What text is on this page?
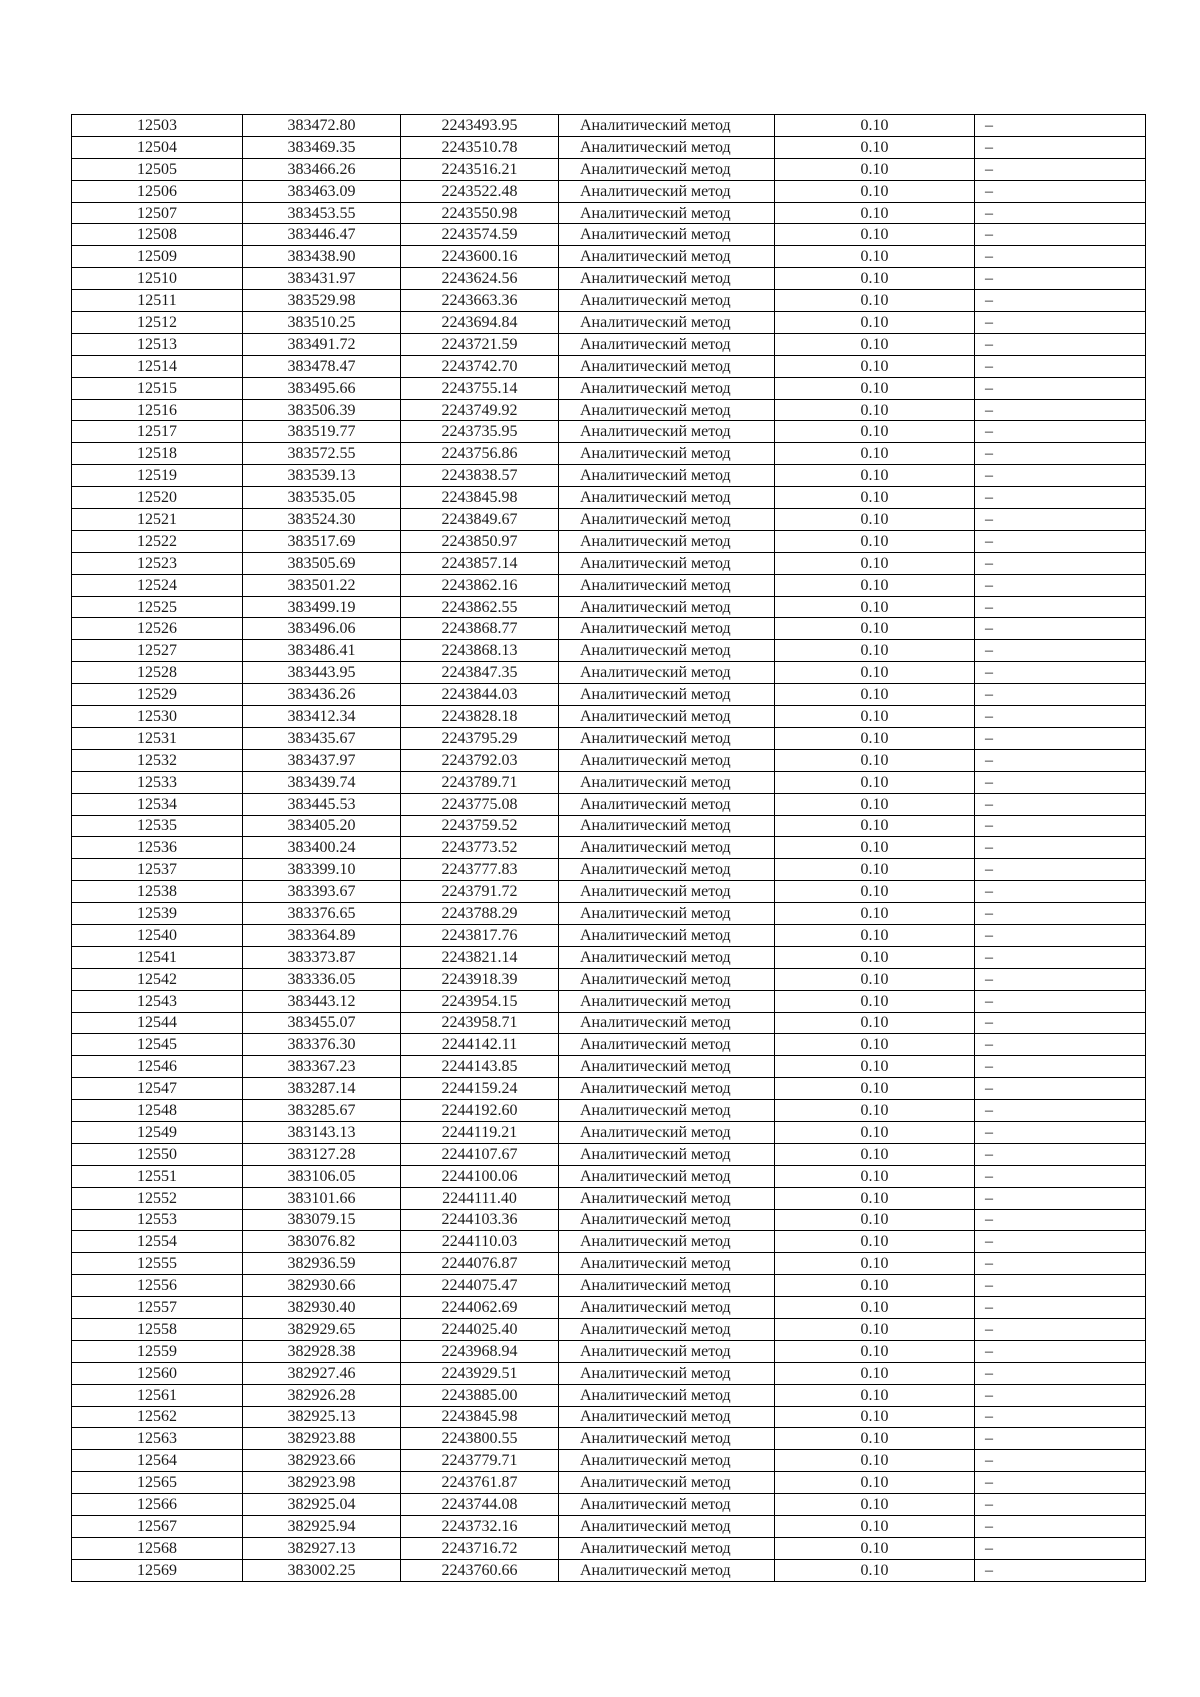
12503	383472.80	2243493.95	Аналитический метод	0.10	–
12504	383469.35	2243510.78	Аналитический метод	0.10	–
12505	383466.26	2243516.21	Аналитический метод	0.10	–
12506	383463.09	2243522.48	Аналитический метод	0.10	–
12507	383453.55	2243550.98	Аналитический метод	0.10	–
12508	383446.47	2243574.59	Аналитический метод	0.10	–
12509	383438.90	2243600.16	Аналитический метод	0.10	–
12510	383431.97	2243624.56	Аналитический метод	0.10	–
12511	383529.98	2243663.36	Аналитический метод	0.10	–
12512	383510.25	2243694.84	Аналитический метод	0.10	–
12513	383491.72	2243721.59	Аналитический метод	0.10	–
12514	383478.47	2243742.70	Аналитический метод	0.10	–
12515	383495.66	2243755.14	Аналитический метод	0.10	–
12516	383506.39	2243749.92	Аналитический метод	0.10	–
12517	383519.77	2243735.95	Аналитический метод	0.10	–
12518	383572.55	2243756.86	Аналитический метод	0.10	–
12519	383539.13	2243838.57	Аналитический метод	0.10	–
12520	383535.05	2243845.98	Аналитический метод	0.10	–
12521	383524.30	2243849.67	Аналитический метод	0.10	–
12522	383517.69	2243850.97	Аналитический метод	0.10	–
12523	383505.69	2243857.14	Аналитический метод	0.10	–
12524	383501.22	2243862.16	Аналитический метод	0.10	–
12525	383499.19	2243862.55	Аналитический метод	0.10	–
12526	383496.06	2243868.77	Аналитический метод	0.10	–
12527	383486.41	2243868.13	Аналитический метод	0.10	–
12528	383443.95	2243847.35	Аналитический метод	0.10	–
12529	383436.26	2243844.03	Аналитический метод	0.10	–
12530	383412.34	2243828.18	Аналитический метод	0.10	–
12531	383435.67	2243795.29	Аналитический метод	0.10	–
12532	383437.97	2243792.03	Аналитический метод	0.10	–
12533	383439.74	2243789.71	Аналитический метод	0.10	–
12534	383445.53	2243775.08	Аналитический метод	0.10	–
12535	383405.20	2243759.52	Аналитический метод	0.10	–
12536	383400.24	2243773.52	Аналитический метод	0.10	–
12537	383399.10	2243777.83	Аналитический метод	0.10	–
12538	383393.67	2243791.72	Аналитический метод	0.10	–
12539	383376.65	2243788.29	Аналитический метод	0.10	–
12540	383364.89	2243817.76	Аналитический метод	0.10	–
12541	383373.87	2243821.14	Аналитический метод	0.10	–
12542	383336.05	2243918.39	Аналитический метод	0.10	–
12543	383443.12	2243954.15	Аналитический метод	0.10	–
12544	383455.07	2243958.71	Аналитический метод	0.10	–
12545	383376.30	2244142.11	Аналитический метод	0.10	–
12546	383367.23	2244143.85	Аналитический метод	0.10	–
12547	383287.14	2244159.24	Аналитический метод	0.10	–
12548	383285.67	2244192.60	Аналитический метод	0.10	–
12549	383143.13	2244119.21	Аналитический метод	0.10	–
12550	383127.28	2244107.67	Аналитический метод	0.10	–
12551	383106.05	2244100.06	Аналитический метод	0.10	–
12552	383101.66	2244111.40	Аналитический метод	0.10	–
12553	383079.15	2244103.36	Аналитический метод	0.10	–
12554	383076.82	2244110.03	Аналитический метод	0.10	–
12555	382936.59	2244076.87	Аналитический метод	0.10	–
12556	382930.66	2244075.47	Аналитический метод	0.10	–
12557	382930.40	2244062.69	Аналитический метод	0.10	–
12558	382929.65	2244025.40	Аналитический метод	0.10	–
12559	382928.38	2243968.94	Аналитический метод	0.10	–
12560	382927.46	2243929.51	Аналитический метод	0.10	–
12561	382926.28	2243885.00	Аналитический метод	0.10	–
12562	382925.13	2243845.98	Аналитический метод	0.10	–
12563	382923.88	2243800.55	Аналитический метод	0.10	–
12564	382923.66	2243779.71	Аналитический метод	0.10	–
12565	382923.98	2243761.87	Аналитический метод	0.10	–
12566	382925.04	2243744.08	Аналитический метод	0.10	–
12567	382925.94	2243732.16	Аналитический метод	0.10	–
12568	382927.13	2243716.72	Аналитический метод	0.10	–
12569	383002.25	2243760.66	Аналитический метод	0.10	–
